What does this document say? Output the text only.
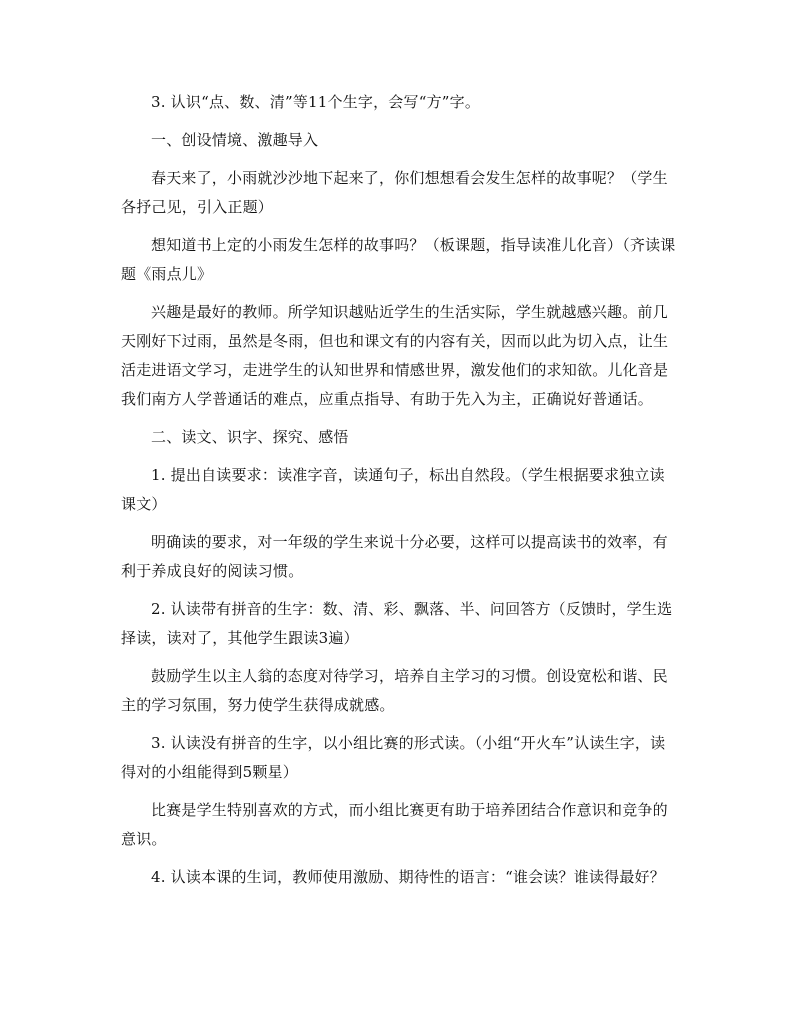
3. 认识“点、数、清”等11个生字，会写“方”字。

一、创设情境、激趣导入

春天来了，小雨就沙沙地下起来了，你们想想看会发生怎样的故事呢？（学生各抒己见，引入正题）

想知道书上定的小雨发生怎样的故事吗？（板课题，指导读准儿化音）（齐读课题《雨点儿》

兴趣是最好的教师。所学知识越贴近学生的生活实际，学生就越感兴趣。前几天刚好下过雨，虽然是冬雨，但也和课文有的内容有关，因而以此为切入点，让生活走进语文学习，走进学生的认知世界和情感世界，激发他们的求知欲。儿化音是我们南方人学普通话的难点，应重点指导、有助于先入为主，正确说好普通话。

二、读文、识字、探究、感悟

1. 提出自读要求：读准字音，读通句子，标出自然段。（学生根据要求独立读课文）

明确读的要求，对一年级的学生来说十分必要，这样可以提高读书的效率，有利于养成良好的阅读习惯。

2. 认读带有拼音的生字：数、清、彩、飘落、半、问回答方（反馈时，学生选择读，读对了，其他学生跟读3遍）

鼓励学生以主人翁的态度对待学习，培养自主学习的习惯。创设宽松和谐、民主的学习氛围，努力使学生获得成就感。

3. 认读没有拼音的生字，以小组比赛的形式读。（小组“开火车”认读生字，读得对的小组能得到5颗星）

比赛是学生特别喜欢的方式，而小组比赛更有助于培养团结合作意识和竞争的意识。

4. 认读本课的生词，教师使用激励、期待性的语言：“谁会读？谁读得最好？
